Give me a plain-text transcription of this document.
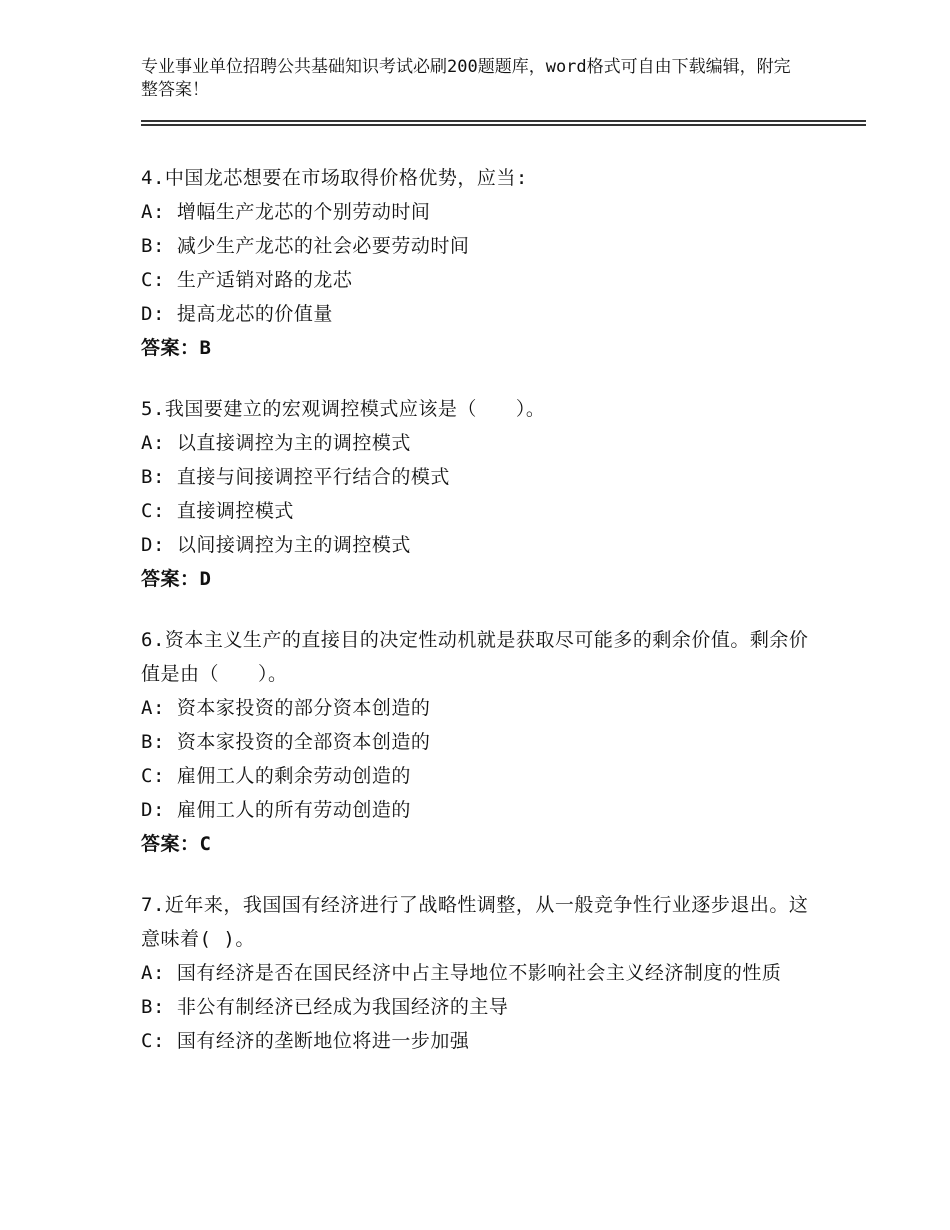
专业事业单位招聘公共基础知识考试必刷200题题库，word格式可自由下载编辑，附完整答案！
4.中国龙芯想要在市场取得价格优势，应当:
A: 增幅生产龙芯的个别劳动时间
B: 减少生产龙芯的社会必要劳动时间
C: 生产适销对路的龙芯
D: 提高龙芯的价值量
答案：B
5.我国要建立的宏观调控模式应该是（　　）。
A: 以直接调控为主的调控模式
B: 直接与间接调控平行结合的模式
C: 直接调控模式
D: 以间接调控为主的调控模式
答案：D
6.资本主义生产的直接目的决定性动机就是获取尽可能多的剩余价值。剩余价值是由（　　）。
A: 资本家投资的部分资本创造的
B: 资本家投资的全部资本创造的
C: 雇佣工人的剩余劳动创造的
D: 雇佣工人的所有劳动创造的
答案：C
7.近年来，我国国有经济进行了战略性调整，从一般竞争性行业逐步退出。这意味着( )。
A: 国有经济是否在国民经济中占主导地位不影响社会主义经济制度的性质
B: 非公有制经济已经成为我国经济的主导
C: 国有经济的垄断地位将进一步加强
